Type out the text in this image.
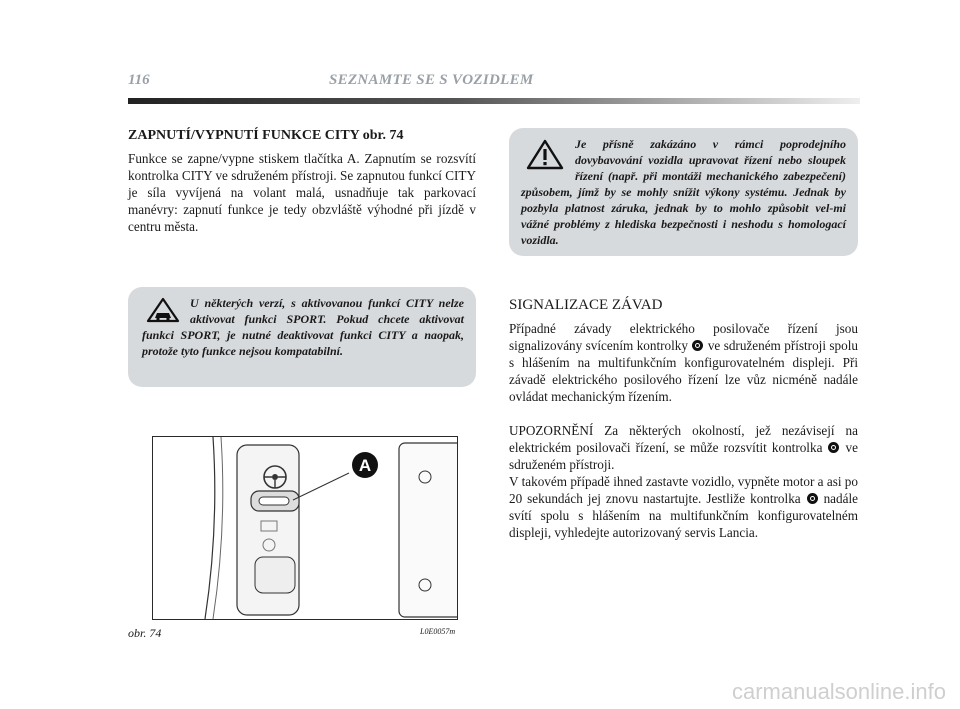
116	SEZNAMTE SE S VOZIDLEM
ZAPNUTÍ/VYPNUTÍ FUNKCE CITY obr. 74

Funkce se zapne/vypne stiskem tlačítka A. Zapnutím se rozsvítí kontrolka CITY ve sdruženém přístroji. Se zapnutou funkcí CITY je síla vyvíjená na volant malá, usnadňuje tak parkovací manévry: zapnutí funkce je tedy obzvláště výhodné při jízdě v centru města.

U některých verzí, s aktivovanou funkcí CITY nelze aktivovat funkci SPORT. Pokud chcete aktivovat funkci SPORT, je nutné deaktivovat funkci CITY a naopak, protože tyto funkce nejsou kompatabilní.

A
obr. 74	L0E0057m

Je přísně zakázáno v rámci poprodejního dovybavování vozidla upravovat řízení nebo sloupek řízení (např. při montáži mechanického zabezpečení) způsobem, jímž by se mohly snížit výkony systému. Jednak by pozbyla platnost záruka, jednak by to mohlo způsobit vel-mi vážné problémy z hlediska bezpečnosti i neshodu s homologací vozidla.

SIGNALIZACE ZÁVAD

Případné závady elektrického posilovače řízení jsou signalizovány svícením kontrolky ve sdruženém přístroji spolu s hlášením na multifunkčním konfigurovatelném displeji. Při závadě elektrického posilového řízení lze vůz nicméně nadále ovládat mechanickým řízením.

UPOZORNĚNÍ Za některých okolností, jež nezávisejí na elektrickém posilovači řízení, se může rozsvítit kontrolka ve sdruženém přístroji.

V takovém případě ihned zastavte vozidlo, vypněte motor a asi po 20 sekundách jej znovu nastartujte. Jestliže kontrolka nadále svítí spolu s hlášením na multifunkčním konfigurovatelném displeji, vyhledejte autorizovaný servis Lancia.

carmanualsonline.info
